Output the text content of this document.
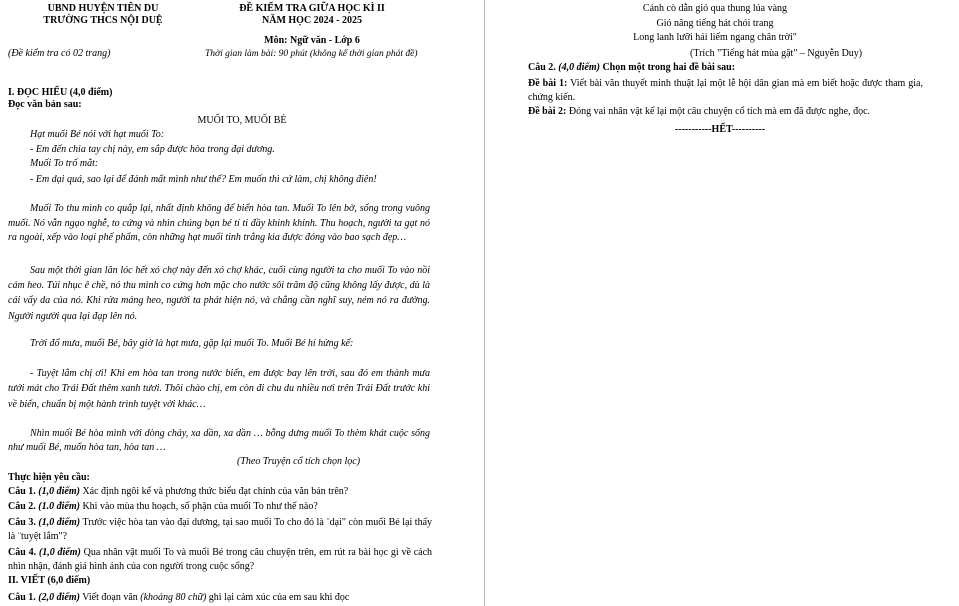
UBND HUYỆN TIÊN DU
TRƯỜNG THCS NỘI DUỆ
ĐỀ KIỂM TRA GIỮA HỌC KÌ II
NĂM HỌC 2024 - 2025
Môn: Ngữ văn - Lớp 6
(Đề kiểm tra có 02 trang)	Thời gian làm bài: 90 phút (không kể thời gian phát đề)
I. ĐỌC HIỂU (4,0 điểm)
Đọc văn bản sau:
MUỐI TO, MUỐI BÉ
Hạt muối Bé nói với hạt muối To:
- Em đến chia tay chị này, em sắp được hòa trong đại dương.
Muối To trố mắt:
- Em dại quá, sao lại để đánh mất mình như thế? Em muốn thì cứ làm, chị không điên!
Muối To thu mình co quắp lại, nhất định không để biển hòa tan. Muối To lên bờ, sống trong vuông muối. Nó vẫn ngạo nghễ, to cứng và nhìn chúng bạn bé tí ti đầy khinh khỉnh. Thu hoạch, người ta gạt nó ra ngoài, xếp vào loại phế phẩm, còn những hạt muối tinh trắng kia được đóng vào bao sạch đẹp…
Sau một thời gian lăn lóc hết xó chợ này đến xó chợ khác, cuối cùng người ta cho muối To vào nồi cám heo. Túi nhục ê chề, nó thu mình co cứng hơn mặc cho nước sôi trăm độ cũng không lấy được, dù là cái vẩy da của nó. Khi rửa máng heo, người ta phát hiện nó, và chẳng cần nghĩ suy, ném nó ra đường. Người người qua lại đạp lên nó.
Trời đổ mưa, muối Bé, bây giờ là hạt mưa, gặp lại muối To. Muối Bé hí hửng kể:
- Tuyệt lắm chị ơi! Khi em hòa tan trong nước biển, em được bay lên trời, sau đó em thành mưa tưới mát cho Trái Đất thêm xanh tươi. Thôi chào chị, em còn đi chu du nhiều nơi trên Trái Đất trước khi về biển, chuẩn bị một hành trình tuyệt vời khác…
Nhìn muối Bé hòa mình với dòng chảy, xa dần, xa dần … bỗng dưng muối To thèm khát cuộc sống như muối Bé, muốn hòa tan, hòa tan …
(Theo Truyện cổ tích chọn lọc)
Thực hiện yêu cầu:
Câu 1. (1,0 điểm) Xác định ngôi kể và phương thức biểu đạt chính của văn bản trên?
Câu 2. (1.0 điểm) Khi vào mùa thu hoạch, số phận của muối To như thế nào?
Câu 3. (1,0 điểm) Trước việc hòa tan vào đại dương, tại sao muối To cho đó là ¨dại" còn muối Bé lại thấy là ¨tuyệt lắm"?
Câu 4. (1,0 điểm) Qua nhân vật muối To và muối Bé trong câu chuyện trên, em rút ra bài học gì về cách nhìn nhận, đánh giá hình ảnh của con người trong cuộc sống?
II. VIẾT (6,0 điểm)
Câu 1. (2,0 điểm) Viết đoạn văn (khoảng 80 chữ) ghi lại cảm xúc của em sau khi đọc
Cánh cò dẫn gió qua thung lúa vàng
Gió nâng tiếng hát chói trang
Long lanh lưỡi hái liếm ngang chân trời"
(Trích "Tiếng hát mùa gặt" – Nguyễn Duy)
Câu 2. (4,0 điểm) Chọn một trong hai đề bài sau:
Đề bài 1: Viết bài văn thuyết minh thuật lại một lễ hội dân gian mà em biết hoặc được tham gia, chứng kiến.
Đề bài 2: Đóng vai nhân vật kể lại một câu chuyện cổ tích mà em đã được nghe, đọc.
-----------HẾT----------
